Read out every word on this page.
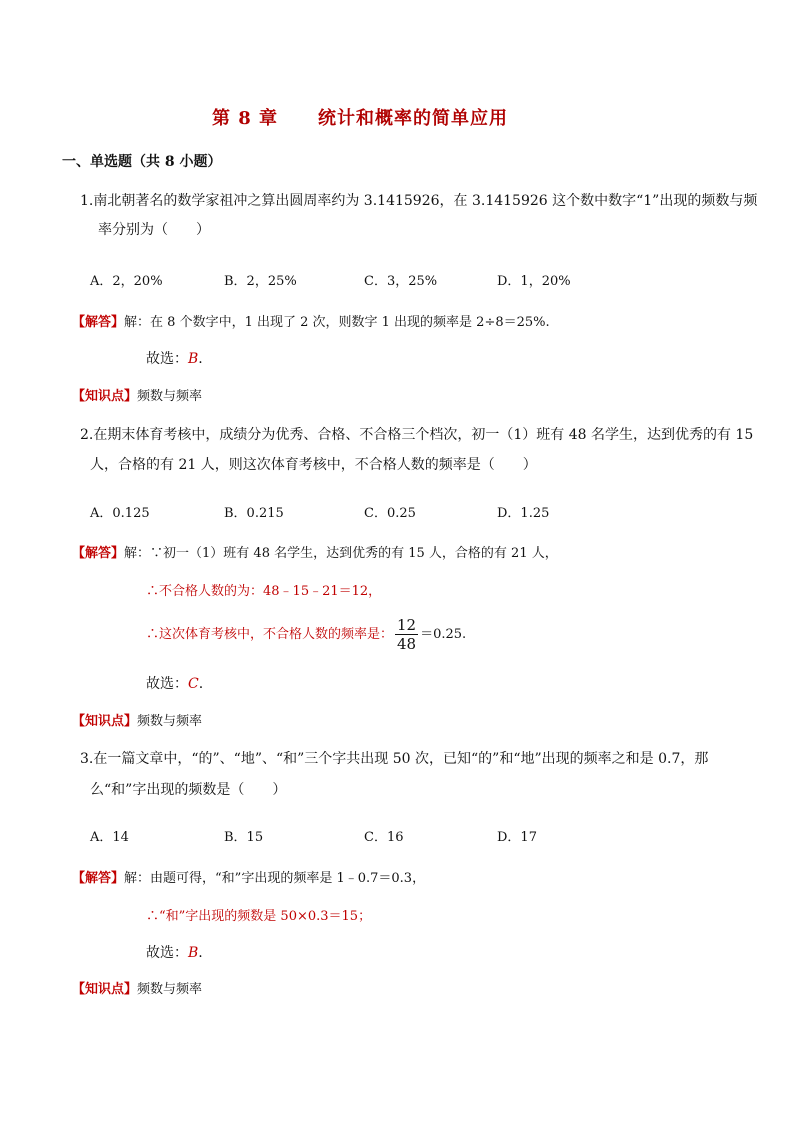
第 8 章 统计和概率的简单应用
一、单选题（共 8 小题）
1.南北朝著名的数学家祖冲之算出圆周率约为 3.1415926，在 3.1415926 这个数中数字“1”出现的频数与频
率分别为（　　）
A．2，20%	B．2，25%	C．3，25%	D．1，20%
【解答】解：在 8 个数字中，1 出现了 2 次，则数字 1 出现的频率是 2÷8＝25%.
故选：B.
【知识点】频数与频率
2.在期末体育考核中，成绩分为优秀、合格、不合格三个档次，初一（1）班有 48 名学生，达到优秀的有 15
人，合格的有 21 人，则这次体育考核中，不合格人数的频率是（　　）
A．0.125	B．0.215	C．0.25	D．1.25
【解答】解：∵初一（1）班有 48 名学生，达到优秀的有 15 人，合格的有 21 人，
∴不合格人数的为：48﹣15﹣21＝12，
∴这次体育考核中，不合格人数的频率是： $\frac{12}{48} =0.25$.
故选：C.
【知识点】频数与频率
3.在一篇文章中，“的”、“地”、“和”三个字共出现 50 次，已知“的”和“地”出现的频率之和是 0.7，那
么“和”字出现的频数是（　　）
A．14	B．15	C．16	D．17
【解答】解：由题可得，“和”字出现的频率是 1﹣0.7＝0.3，
∴“和”字出现的频数是 50×0.3＝15；
故选：B.
【知识点】频数与频率
